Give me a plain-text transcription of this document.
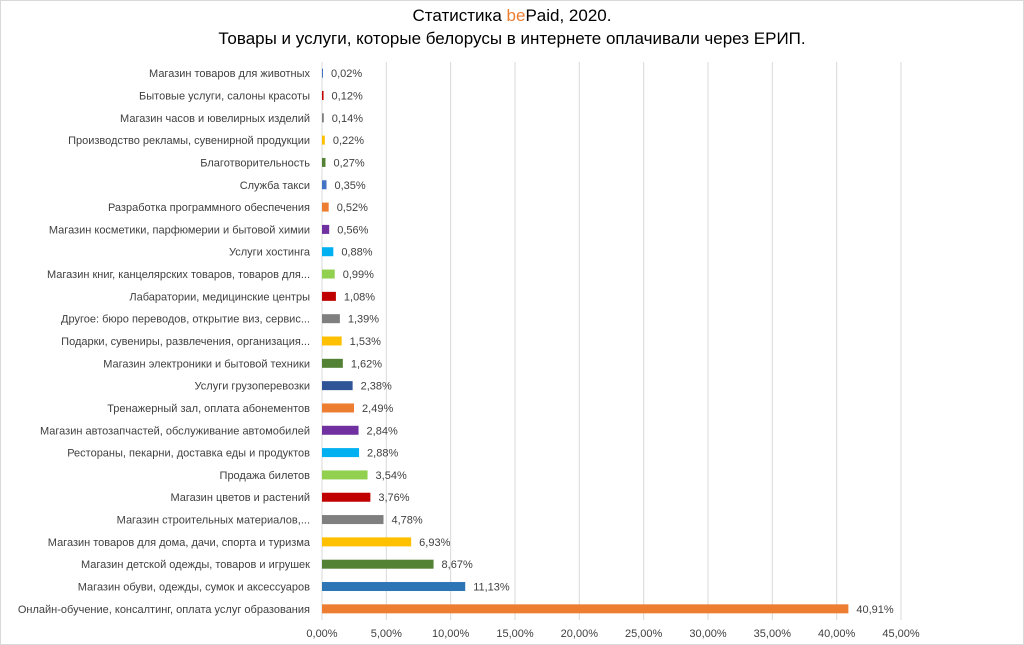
Статистика bePaid, 2020.
Товары и услуги, которые белорусы в интернете оплачивали через ЕРИП.
0,00%	5,00%	10,00% 15,00% 20,00% 25,00% 30,00% 35,00% 40,00% 45,00%
Магазин товаров для животных 0,02%
Бытовые услуги, салоны красоты 0,12%
Магазин часов и ювелирных изделий 0,14%
Производство рекламы, сувенирной продукции 0,22%
Благотворительность 0,27%
Служба такси 0,35%
Разработка программного обеспечения 0,52%
Магазин косметики, парфюмерии и бытовой химии 0,56%
Услуги хостинга	0,88%
Магазин книг, канцелярских товаров, товаров для...	0,99%
Лабаратории, медицинские центры	1,08%
Другое: бюро переводов, открытие виз, сервис...	1,39%
Подарки, сувениры, развлечения, организация...	1,53%
Магазин электроники и бытовой техники	1,62%
Услуги грузоперевозки	2,38%
Тренажерный зал, оплата абонементов	2,49%
Магазин автозапчастей, обслуживание автомобилей	2,84%
Рестораны, пекарни, доставка еды и продуктов	2,88%
Продажа билетов	3,54%
Магазин цветов и растений	3,76%
Магазин строительных материалов,...	4,78%
Магазин товаров для дома, дачи, спорта и туризма	6,93%
Магазин детской одежды, товаров и игрушек	8,67%
Магазин обуви, одежды, сумок и аксессуаров	11,13%
Онлайн-обучение, консалтинг, оплата услуг образования	40,91%
